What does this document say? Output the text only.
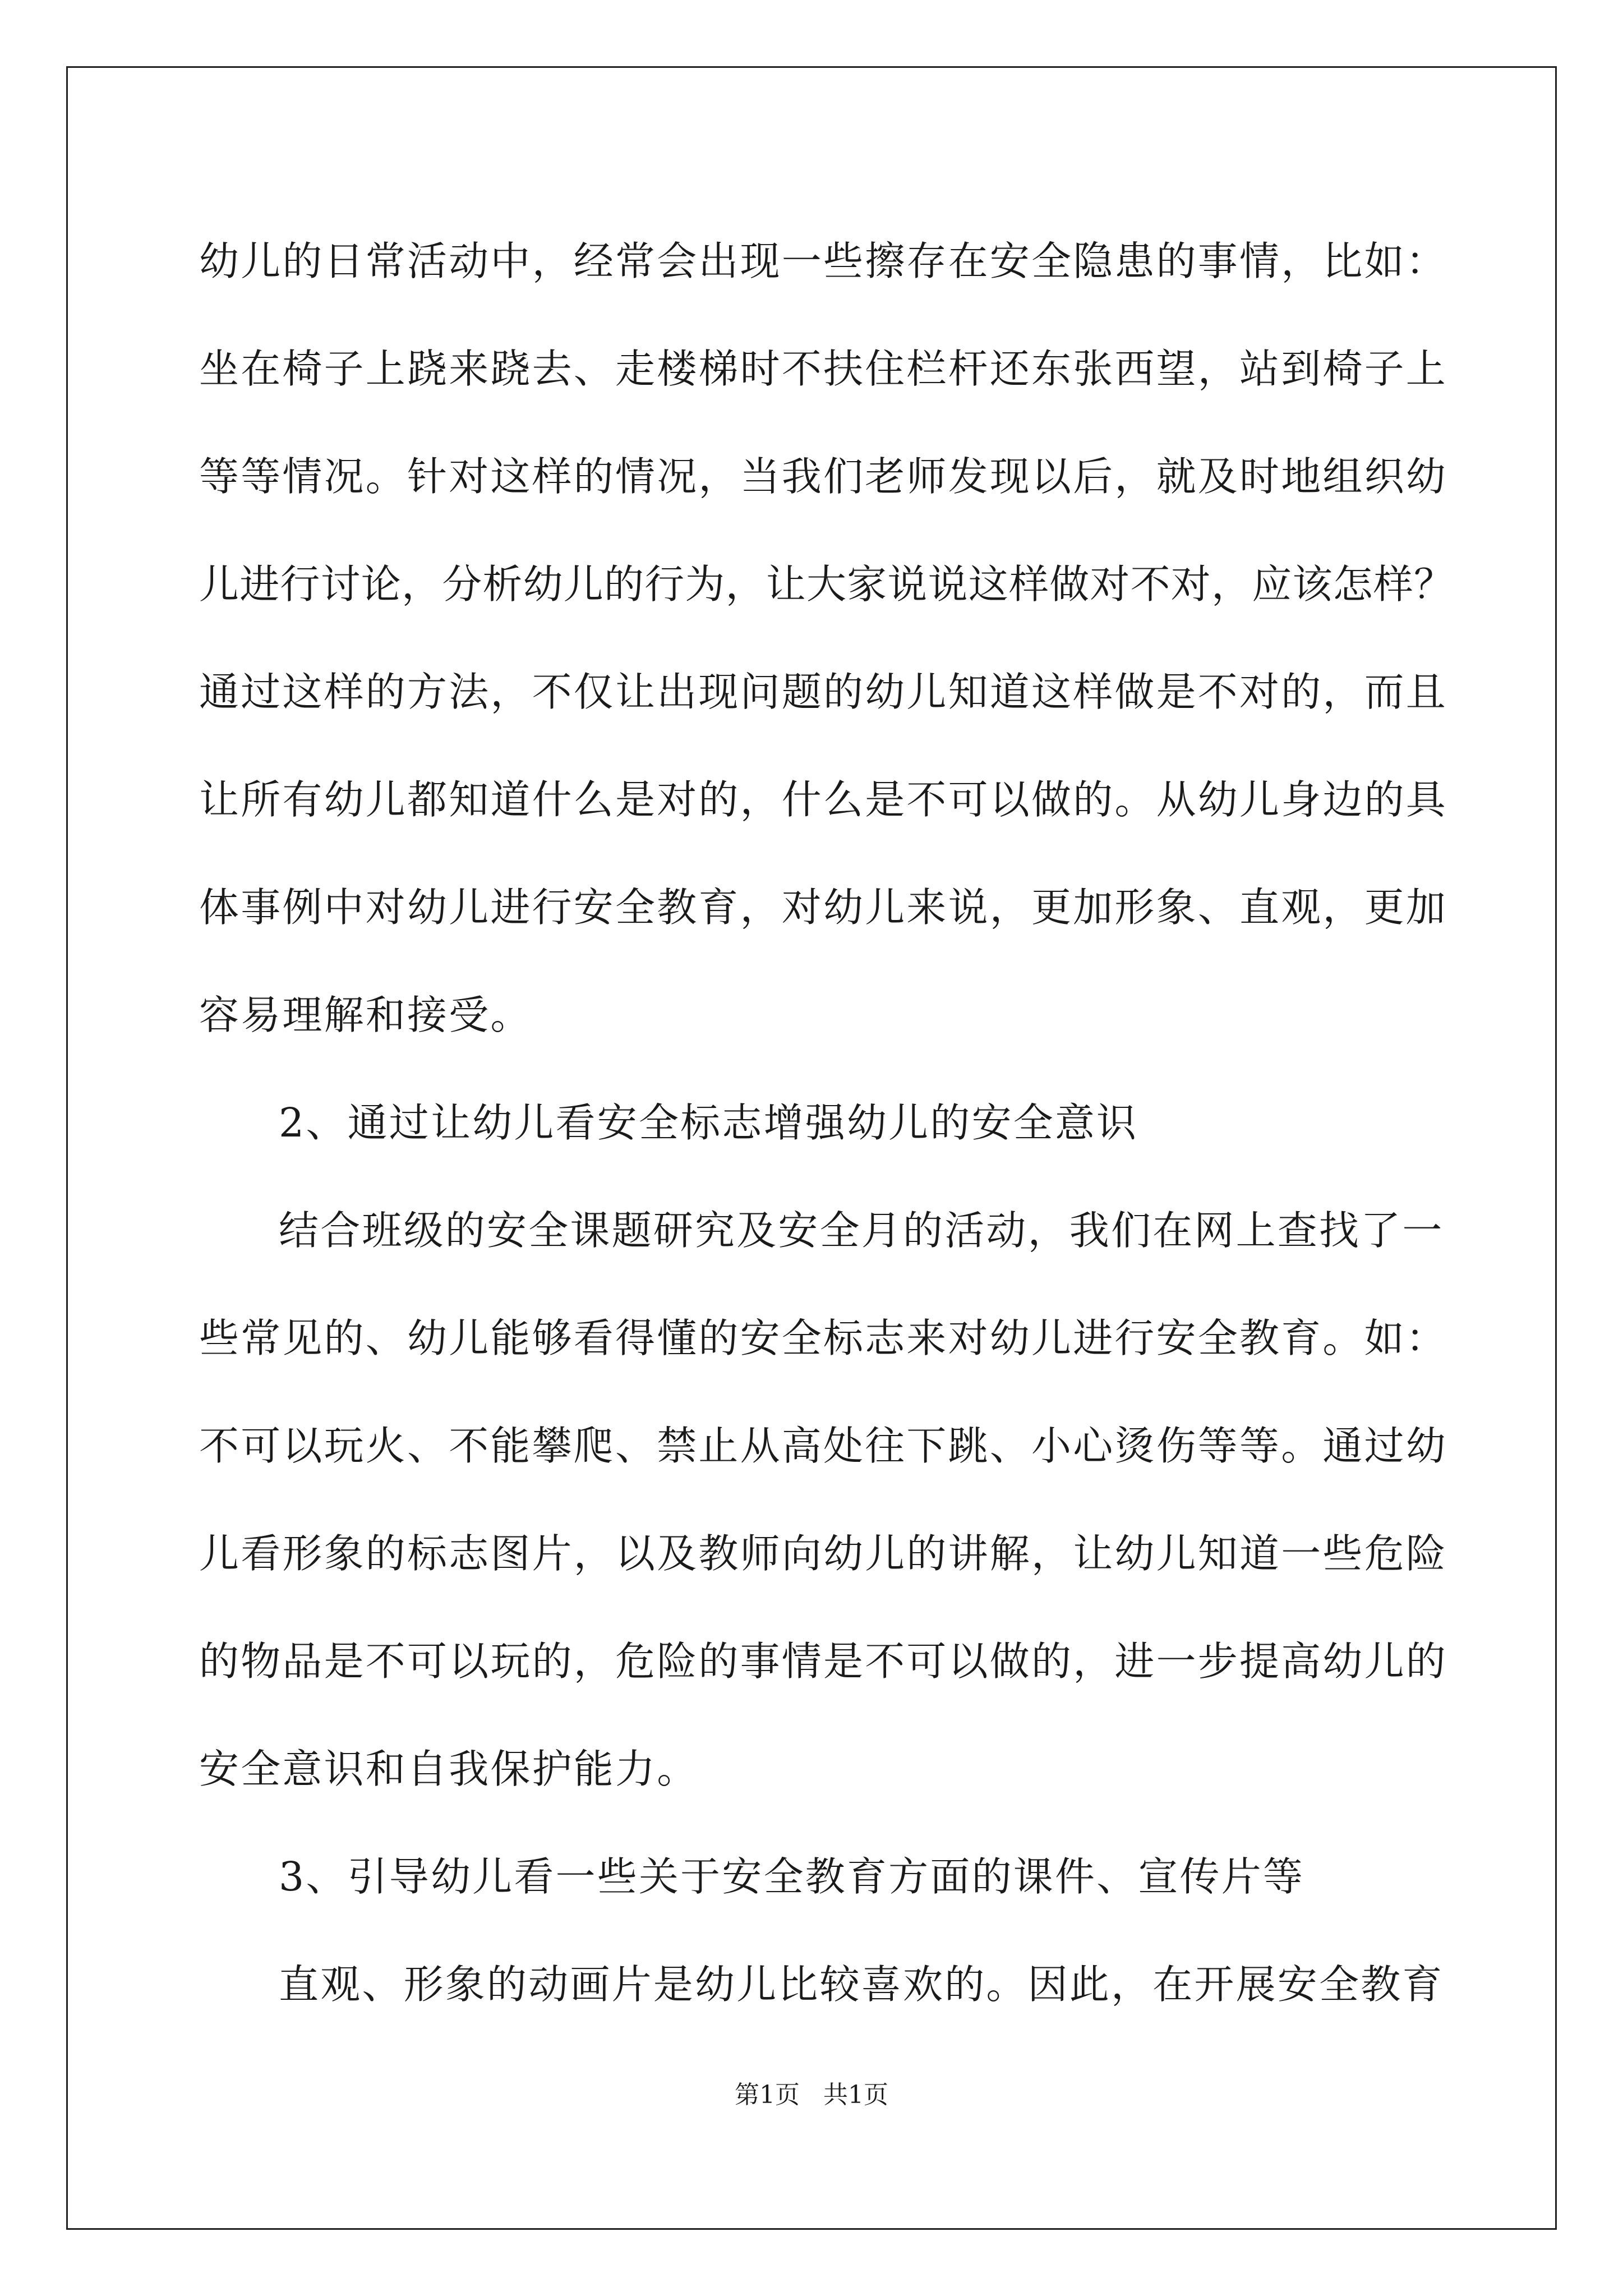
幼儿的日常活动中，经常会出现一些擦存在安全隐患的事情，比如：

坐在椅子上跷来跷去、走楼梯时不扶住栏杆还东张西望，站到椅子上

等等情况。针对这样的情况，当我们老师发现以后，就及时地组织幼

儿进行讨论，分析幼儿的行为，让大家说说这样做对不对，应该怎样？

通过这样的方法，不仅让出现问题的幼儿知道这样做是不对的，而且

让所有幼儿都知道什么是对的，什么是不可以做的。从幼儿身边的具

体事例中对幼儿进行安全教育，对幼儿来说，更加形象、直观，更加

容易理解和接受。

2、通过让幼儿看安全标志增强幼儿的安全意识

结合班级的安全课题研究及安全月的活动，我们在网上查找了一

些常见的、幼儿能够看得懂的安全标志来对幼儿进行安全教育。如：

不可以玩火、不能攀爬、禁止从高处往下跳、小心烫伤等等。通过幼

儿看形象的标志图片，以及教师向幼儿的讲解，让幼儿知道一些危险

的物品是不可以玩的，危险的事情是不可以做的，进一步提高幼儿的

安全意识和自我保护能力。

3、引导幼儿看一些关于安全教育方面的课件、宣传片等

直观、形象的动画片是幼儿比较喜欢的。因此，在开展安全教育

第1页   共1页
